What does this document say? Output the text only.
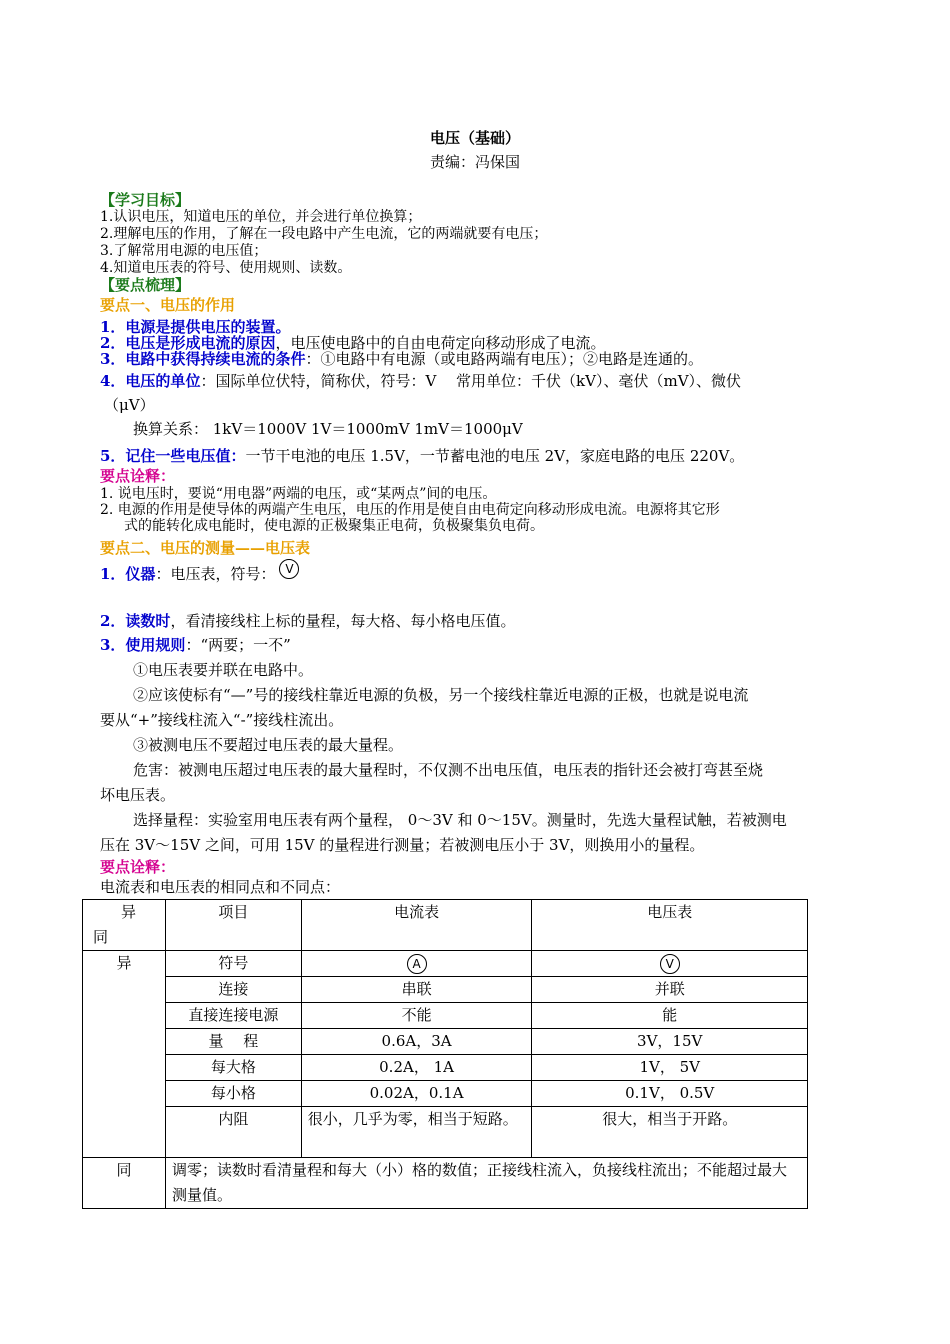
电压（基础）
责编：冯保国
【学习目标】
1.认识电压，知道电压的单位，并会进行单位换算；
2.理解电压的作用，了解在一段电路中产生电流，它的两端就要有电压；
3.了解常用电源的电压值；
4.知道电压表的符号、使用规则、读数。
【要点梳理】
要点一、电压的作用
1．电源是提供电压的装置。
2．电压是形成电流的原因，电压使电路中的自由电荷定向移动形成了电流。
3．电路中获得持续电流的条件：①电路中有电源（或电路两端有电压）；②电路是连通的。
4．电压的单位：国际单位伏特，简称伏，符号：V　 常用单位：千伏（kV）、毫伏（mV）、微伏
（μV）
换算关系： 1kV＝1000V 1V＝1000mV 1mV＝1000μV
5．记住一些电压值：一节干电池的电压 1.5V，一节蓄电池的电压 2V，家庭电路的电压 220V。
要点诠释：
1. 说电压时，要说“用电器”两端的电压，或“某两点”间的电压。
2. 电源的作用是使导体的两端产生电压，电压的作用是使自由电荷定向移动形成电流。电源将其它形
式的能转化成电能时，使电源的正极聚集正电荷，负极聚集负电荷。
要点二、电压的测量——电压表
1．仪器：电压表，符号： V
2．读数时，看清接线柱上标的量程，每大格、每小格电压值。
3．使用规则：“两要；一不”
①电压表要并联在电路中。
②应该使标有“—”号的接线柱靠近电源的负极，另一个接线柱靠近电源的正极，也就是说电流
要从“+”接线柱流入“-”接线柱流出。
③被测电压不要超过电压表的最大量程。
危害：被测电压超过电压表的最大量程时，不仅测不出电压值，电压表的指针还会被打弯甚至烧
坏电压表。
选择量程：实验室用电压表有两个量程， 0～3V 和 0～15V。测量时，先选大量程试触，若被测电
压在 3V～15V 之间，可用 15V 的量程进行测量；若被测电压小于 3V，则换用小的量程。
要点诠释：
电流表和电压表的相同点和不同点：
异
同	项目	电流表	电压表
异	符号	A	V
	连接	串联	并联
	直接连接电源	不能	能
	量　 程	0.6A，3A	3V，15V
	每大格	0.2A， 1A	1V， 5V
	每小格	0.02A，0.1A	0.1V， 0.5V
	内阻	很小，几乎为零，相当于短路。	很大，相当于开路。
同	调零；读数时看清量程和每大（小）格的数值；正接线柱流入，负接线柱流出；不能超过最大测量值。		
